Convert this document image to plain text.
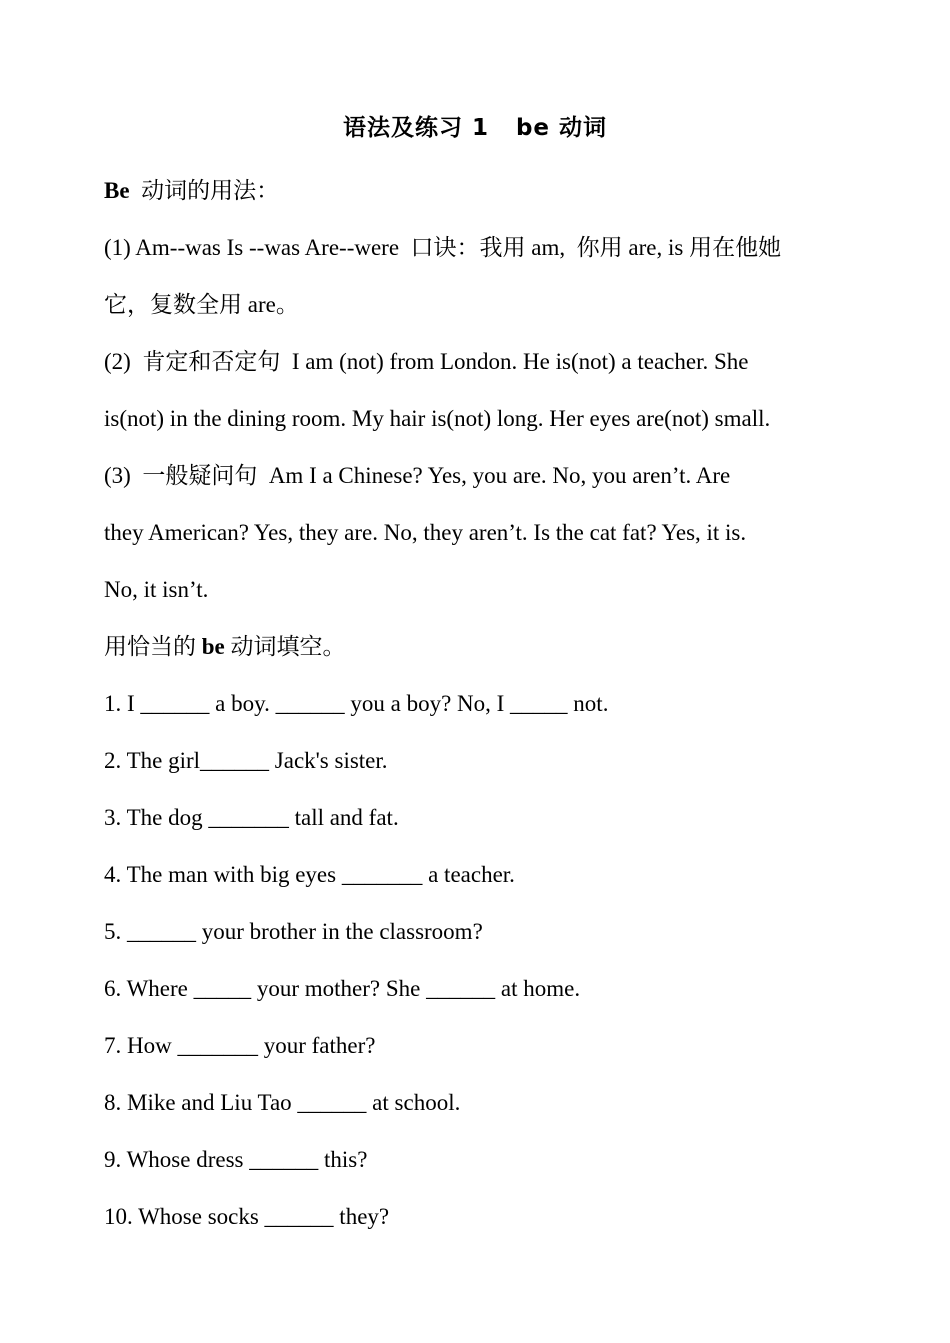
语法及练习 1   be 动词
Be  动词的用法：
(1) Am--was Is --was Are--were  口诀：我用 am,  你用 are, is 用在他她
它，复数全用 are。
(2)  肯定和否定句  I am (not) from London. He is(not) a teacher. She
is(not) in the dining room. My hair is(not) long. Her eyes are(not) small.
(3)  一般疑问句  Am I a Chinese? Yes, you are. No, you aren’t. Are
they American? Yes, they are. No, they aren’t. Is the cat fat? Yes, it is.
No, it isn’t.
用恰当的 be 动词填空。
1. I ______ a boy. ______ you a boy? No, I _____ not.
2. The girl______ Jack's sister.
3. The dog _______ tall and fat.
4. The man with big eyes _______ a teacher.
5. ______ your brother in the classroom?
6. Where _____ your mother? She ______ at home.
7. How _______ your father?
8. Mike and Liu Tao ______ at school.
9. Whose dress ______ this?
10. Whose socks ______ they?
